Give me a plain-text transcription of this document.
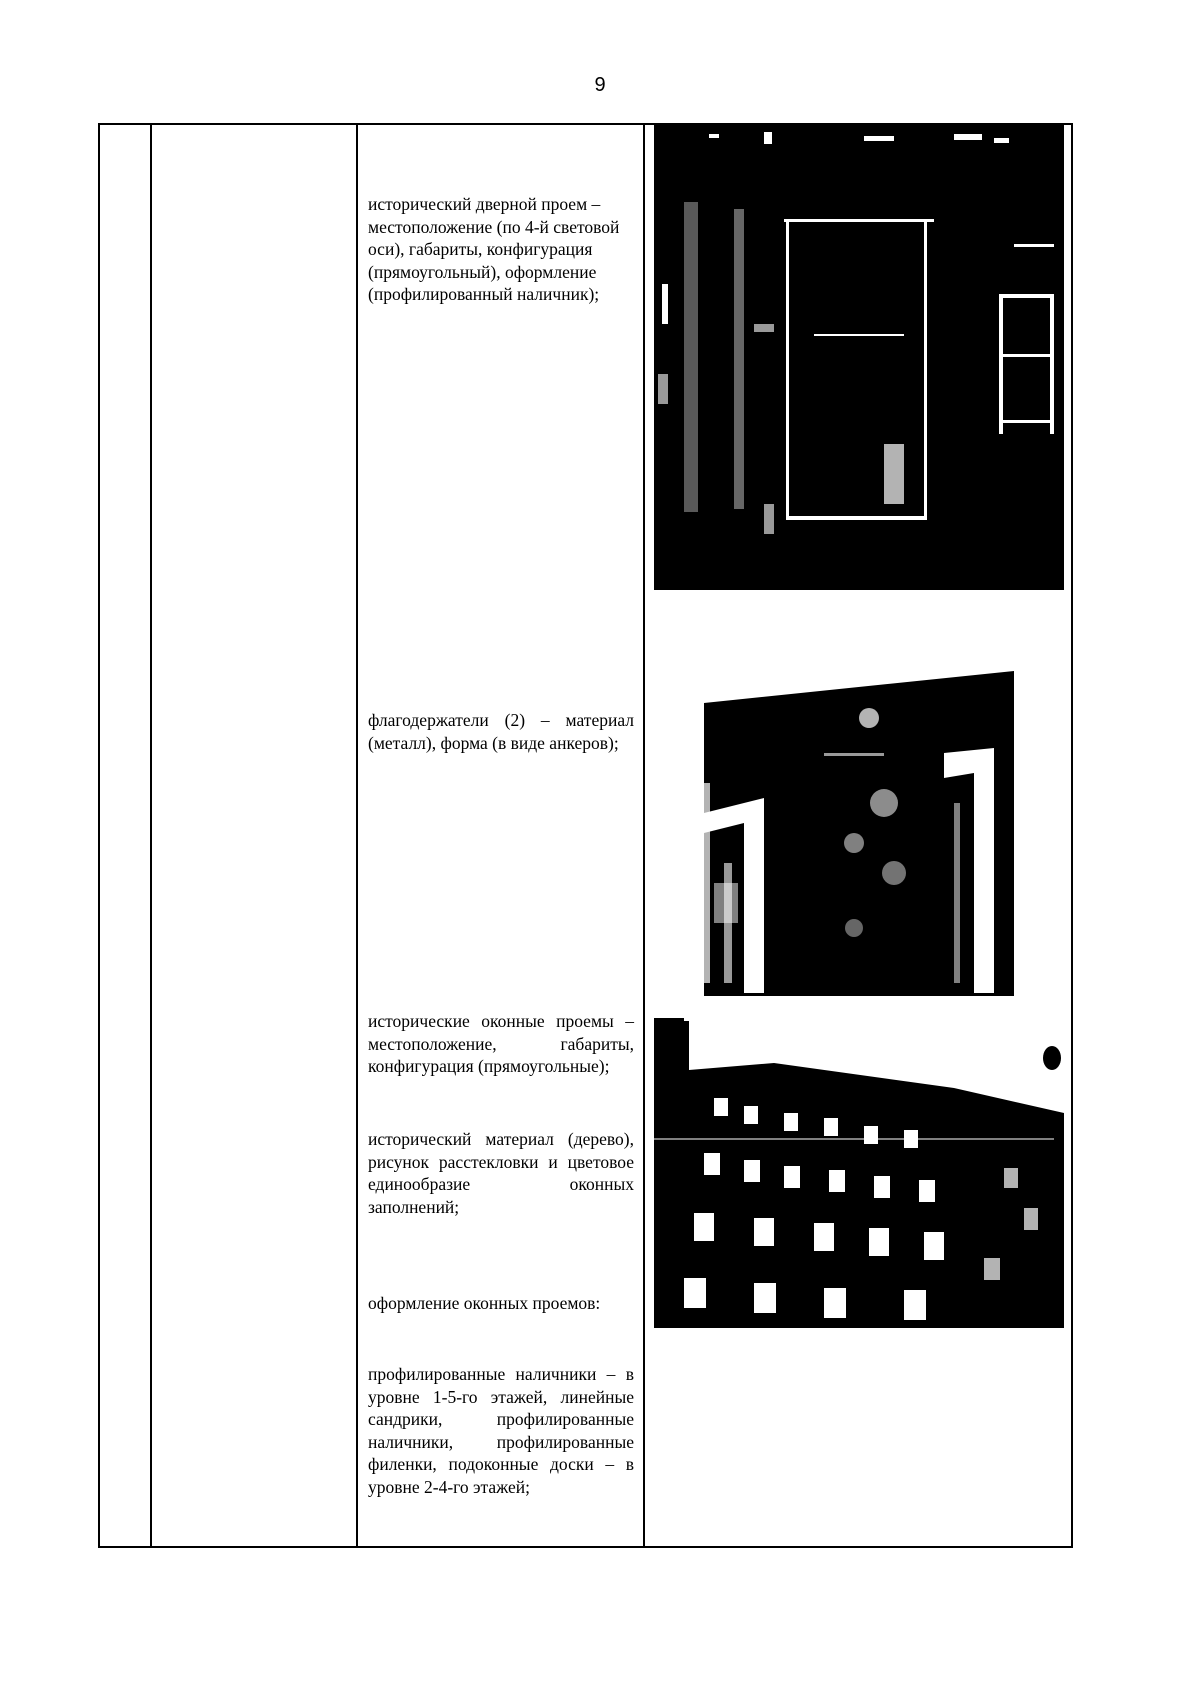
9

исторический дверной проем – местоположение (по 4-й световой оси), габариты, конфигурация (прямоугольный), оформление (профилированный наличник);

флагодержатели (2) – материал (металл), форма (в виде анкеров);

исторические оконные проемы – местоположение, габариты, конфигурация (прямоугольные);

исторический материал (дерево), рисунок расстекловки и цветовое единообразие оконных заполнений;

оформление оконных проемов:

профилированные наличники – в уровне 1-5-го этажей, линейные сандрики, профилированные наличники, профилированные филенки, подоконные доски – в уровне 2-4-го этажей;
